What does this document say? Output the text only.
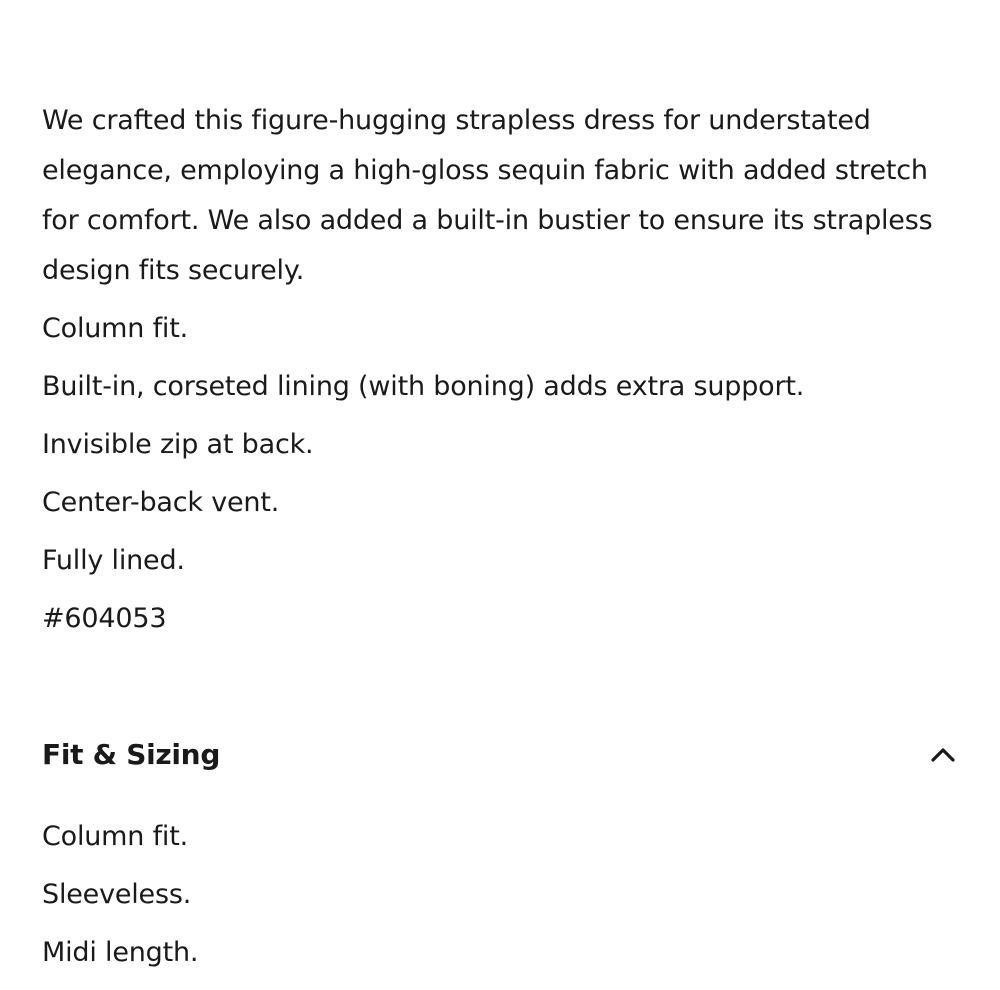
We crafted this figure-hugging strapless dress for understated elegance, employing a high-gloss sequin fabric with added stretch for comfort. We also added a built-in bustier to ensure its strapless design fits securely.

Column fit.

Built-in, corseted lining (with boning) adds extra support.

Invisible zip at back.

Center-back vent.

Fully lined.

#604053

Fit & Sizing

Column fit.

Sleeveless.

Midi length.
